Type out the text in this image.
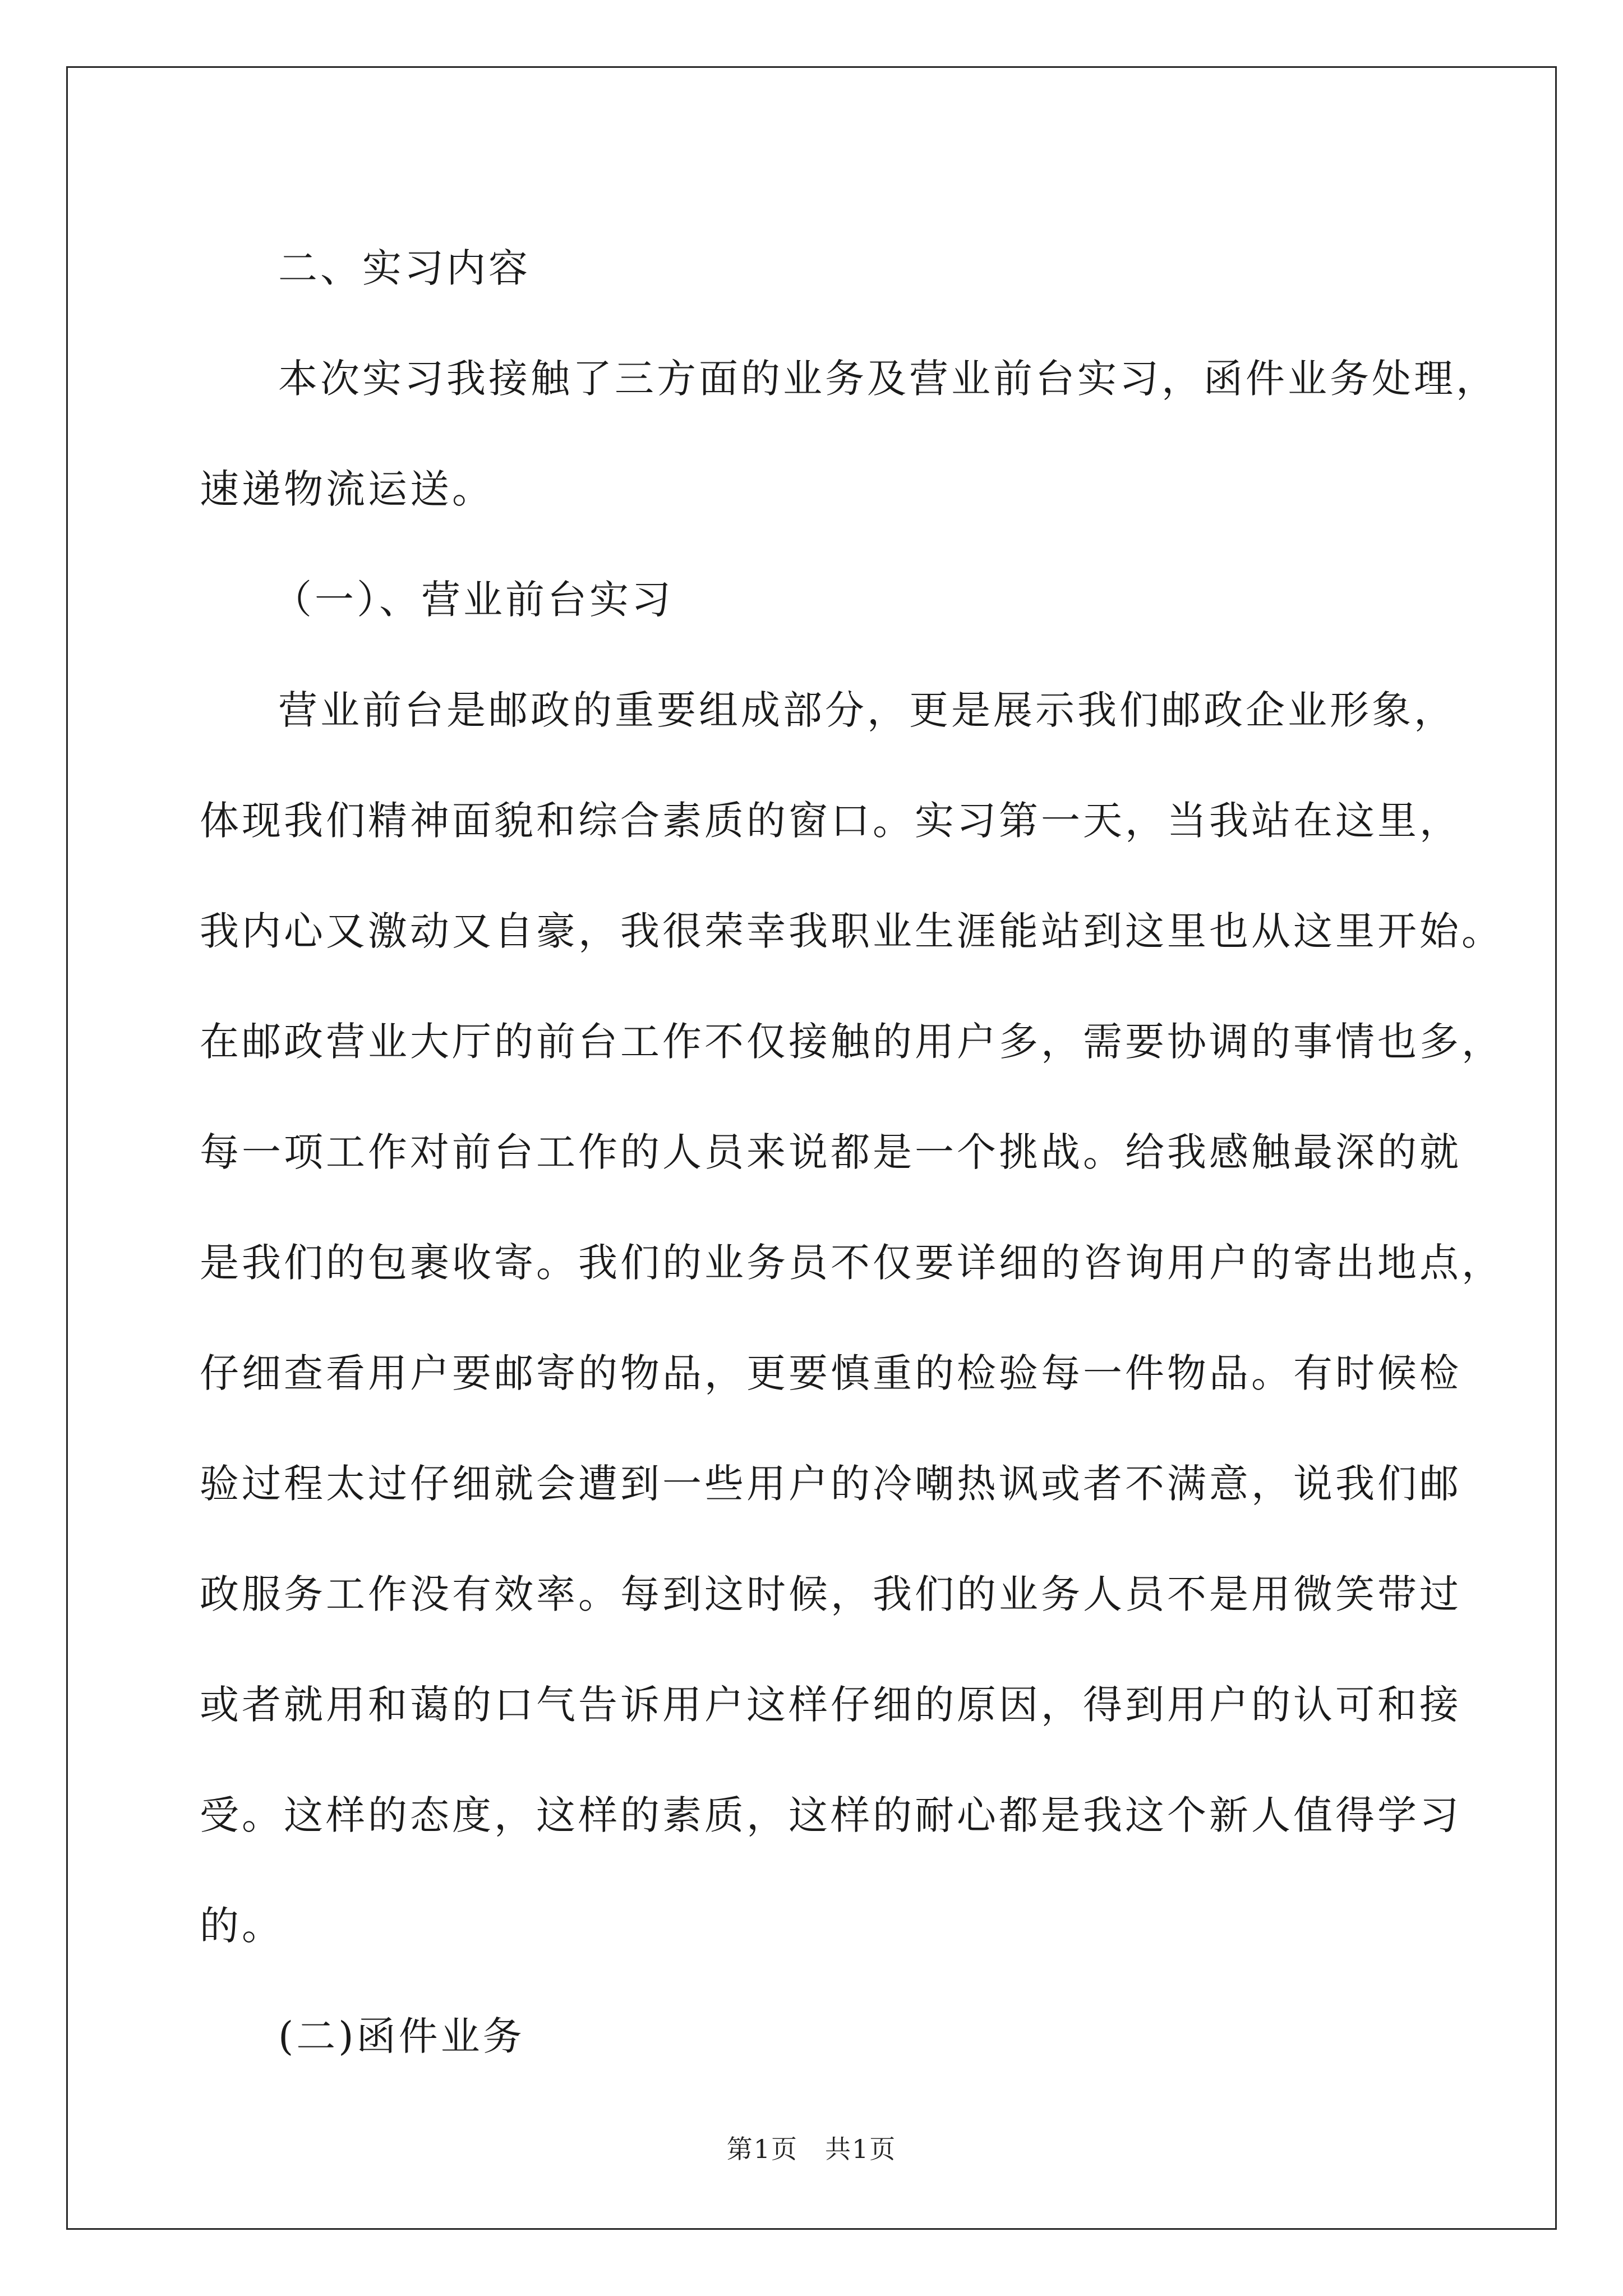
二、实习内容

本次实习我接触了三方面的业务及营业前台实习，函件业务处理，
速递物流运送。

（一）、营业前台实习

营业前台是邮政的重要组成部分，更是展示我们邮政企业形象，
体现我们精神面貌和综合素质的窗口。实习第一天，当我站在这里，
我内心又激动又自豪，我很荣幸我职业生涯能站到这里也从这里开始。
在邮政营业大厅的前台工作不仅接触的用户多，需要协调的事情也多，
每一项工作对前台工作的人员来说都是一个挑战。给我感触最深的就
是我们的包裹收寄。我们的业务员不仅要详细的咨询用户的寄出地点，
仔细查看用户要邮寄的物品，更要慎重的检验每一件物品。有时候检
验过程太过仔细就会遭到一些用户的冷嘲热讽或者不满意，说我们邮
政服务工作没有效率。每到这时候，我们的业务人员不是用微笑带过
或者就用和蔼的口气告诉用户这样仔细的原因，得到用户的认可和接
受。这样的态度，这样的素质，这样的耐心都是我这个新人值得学习
的。

(二)函件业务

第1页　共1页
